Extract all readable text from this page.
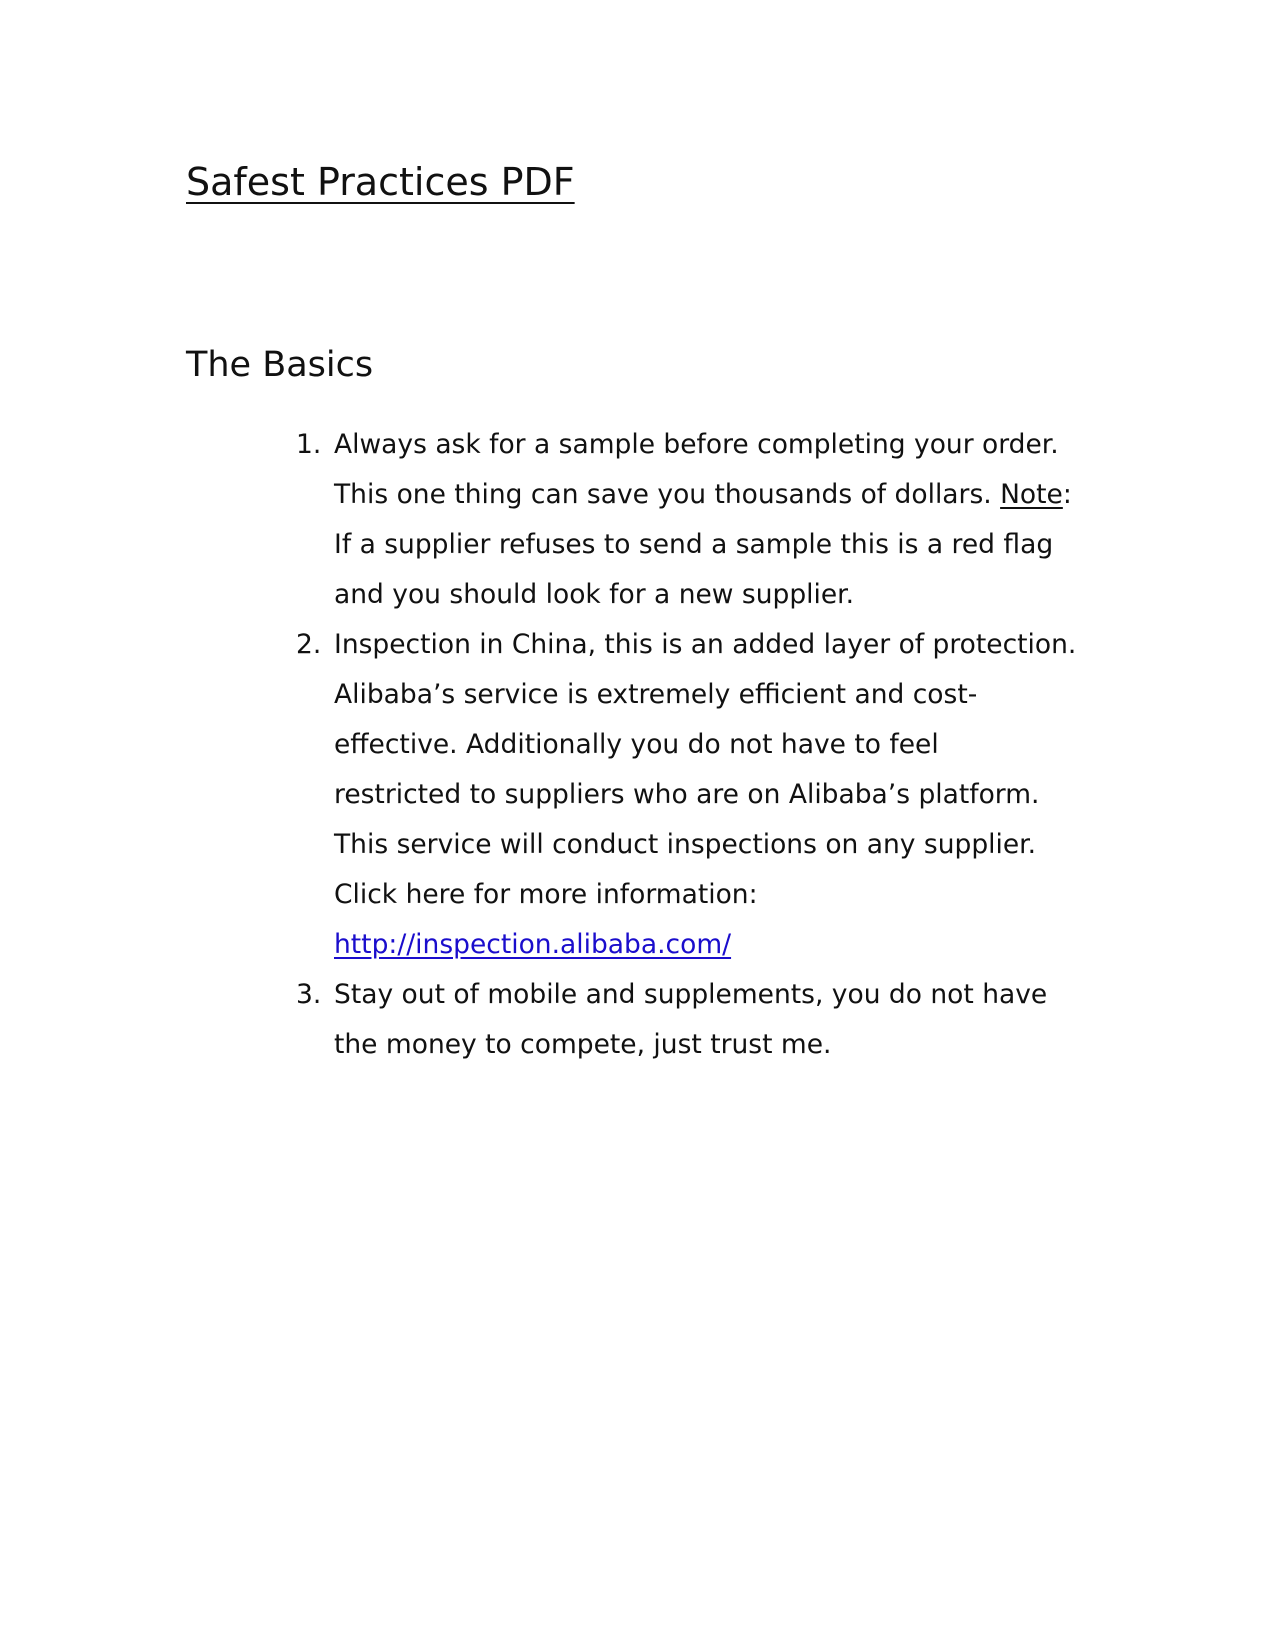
Safest Practices PDF
The Basics
1. Always ask for a sample before completing your order.
This one thing can save you thousands of dollars. Note:
If a supplier refuses to send a sample this is a red flag
and you should look for a new supplier.
2. Inspection in China, this is an added layer of protection.
Alibaba’s service is extremely efficient and cost-
effective. Additionally you do not have to feel
restricted to suppliers who are on Alibaba’s platform.
This service will conduct inspections on any supplier.
Click here for more information:
http://inspection.alibaba.com/
3. Stay out of mobile and supplements, you do not have
the money to compete, just trust me.
